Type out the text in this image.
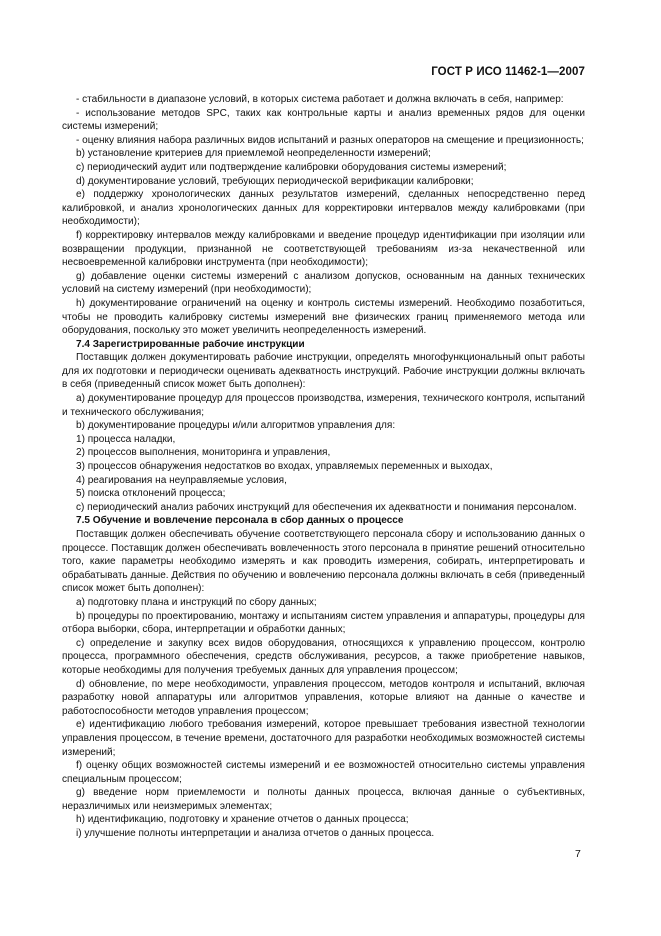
ГОСТ Р ИСО 11462-1—2007

- стабильности в диапазоне условий, в которых система работает и должна включать в себя, например:

- использование методов SPC, таких как контрольные карты и анализ временных рядов для оценки системы измерений;

- оценку влияния набора различных видов испытаний и разных операторов на смещение и прецизионность;

b) установление критериев для приемлемой неопределенности измерений;

c) периодический аудит или подтверждение калибровки оборудования системы измерений;

d) документирование условий, требующих периодической верификации калибровки;

e) поддержку хронологических данных результатов измерений, сделанных непосредственно перед калибровкой, и анализ хронологических данных для корректировки интервалов между калибровками (при необходимости);

f) корректировку интервалов между калибровками и введение процедур идентификации при изоляции или возвращении продукции, признанной не соответствующей требованиям из-за некачественной или несвоевременной калибровки инструмента (при необходимости);

g) добавление оценки системы измерений с анализом допусков, основанным на данных технических условий на систему измерений (при необходимости);

h) документирование ограничений на оценку и контроль системы измерений. Необходимо позаботиться, чтобы не проводить калибровку системы измерений вне физических границ применяемого метода или оборудования, поскольку это может увеличить неопределенность измерений.

7.4 Зарегистрированные рабочие инструкции

Поставщик должен документировать рабочие инструкции, определять многофункциональный опыт работы для их подготовки и периодически оценивать адекватность инструкций. Рабочие инструкции должны включать в себя (приведенный список может быть дополнен):

a) документирование процедур для процессов производства, измерения, технического контроля, испытаний и технического обслуживания;

b) документирование процедуры и/или алгоритмов управления для:

1) процесса наладки,

2) процессов выполнения, мониторинга и управления,

3) процессов обнаружения недостатков во входах, управляемых переменных и выходах,

4) реагирования на неуправляемые условия,

5) поиска отклонений процесса;

c) периодический анализ рабочих инструкций для обеспечения их адекватности и понимания персоналом.

7.5 Обучение и вовлечение персонала в сбор данных о процессе

Поставщик должен обеспечивать обучение соответствующего персонала сбору и использованию данных о процессе. Поставщик должен обеспечивать вовлеченность этого персонала в принятие решений относительно того, какие параметры необходимо измерять и как проводить измерения, собирать, интерпретировать и обрабатывать данные. Действия по обучению и вовлечению персонала должны включать в себя (приведенный список может быть дополнен):

a) подготовку плана и инструкций по сбору данных;

b) процедуры по проектированию, монтажу и испытаниям систем управления и аппаратуры, процедуры для отбора выборки, сбора, интерпретации и обработки данных;

c) определение и закупку всех видов оборудования, относящихся к управлению процессом, контролю процесса, программного обеспечения, средств обслуживания, ресурсов, а также приобретение навыков, которые необходимы для получения требуемых данных для управления процессом;

d) обновление, по мере необходимости, управления процессом, методов контроля и испытаний, включая разработку новой аппаратуры или алгоритмов управления, которые влияют на данные о качестве и работоспособности методов управления процессом;

e) идентификацию любого требования измерений, которое превышает требования известной технологии управления процессом, в течение времени, достаточного для разработки необходимых возможностей системы измерений;

f) оценку общих возможностей системы измерений и ее возможностей относительно системы управления специальным процессом;

g) введение норм приемлемости и полноты данных процесса, включая данные о субъективных, неразличимых или неизмеримых элементах;

h) идентификацию, подготовку и хранение отчетов о данных процесса;

i) улучшение полноты интерпретации и анализа отчетов о данных процесса.

7
